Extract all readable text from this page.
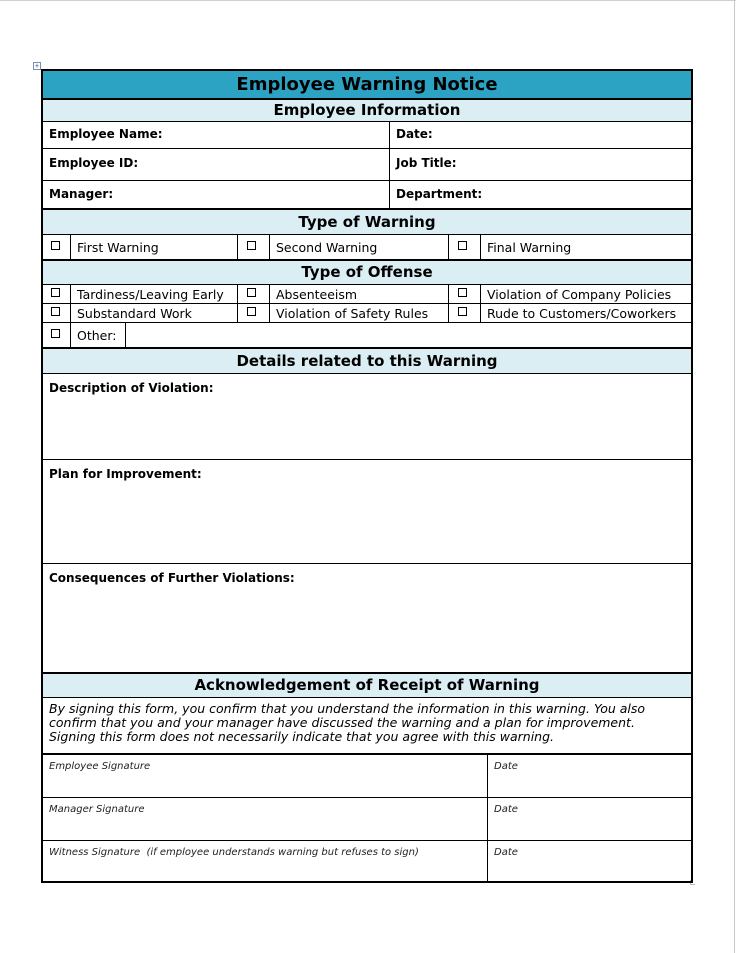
+
Employee Warning Notice
Employee Information
Employee Name:	Date:
Employee ID:	Job Title:
Manager:	Department:
Type of Warning
First Warning	Second Warning	Final Warning
Type of Offense
Tardiness/Leaving Early	Absenteeism	Violation of Company Policies
Substandard Work	Violation of Safety Rules	Rude to Customers/Coworkers
Other:
Details related to this Warning
Description of Violation:
Plan for Improvement:
Consequences of Further Violations:
Acknowledgement of Receipt of Warning
By signing this form, you confirm that you understand the information in this warning. You also confirm that you and your manager have discussed the warning and a plan for improvement. Signing this form does not necessarily indicate that you agree with this warning.
Employee Signature	Date
Manager Signature	Date
Witness Signature  (if employee understands warning but refuses to sign)	Date
